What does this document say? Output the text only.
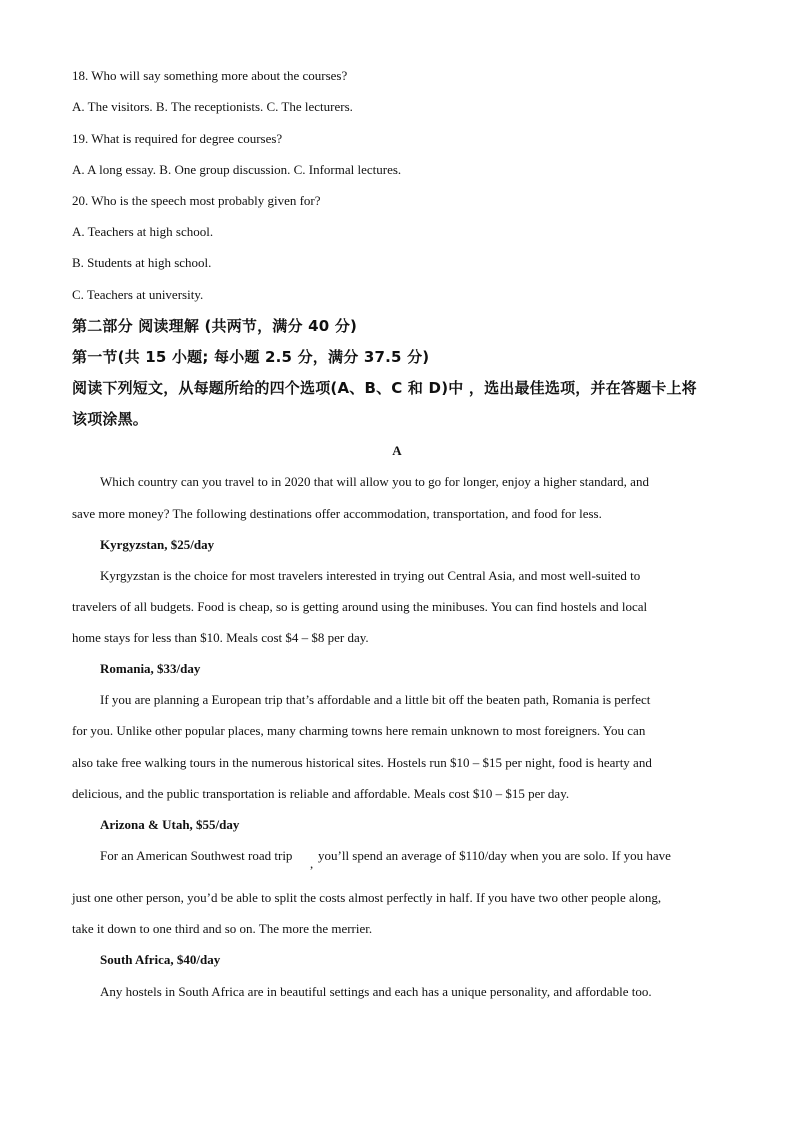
18. Who will say something more about the courses?
A. The visitors. B. The receptionists. C. The lecturers.
19. What is required for degree courses?
A. A long essay. B. One group discussion. C. Informal lectures.
20. Who is the speech most probably given for?
A. Teachers at high school.
B. Students at high school.
C. Teachers at university.
第二部分 阅读理解 (共两节，满分 40 分)
第一节(共 15 小题; 每小题 2.5 分，满分 37.5 分)
阅读下列短文，从每题所给的四个选项(A、B、C 和 D)中 ，选出最佳选项，并在答题卡上将
该项涂黑。
A
Which country can you travel to in 2020 that will allow you to go for longer, enjoy a higher standard, and
save more money? The following destinations offer accommodation, transportation, and food for less.
Kyrgyzstan, $25/day
Kyrgyzstan is the choice for most travelers interested in trying out Central Asia, and most well-suited to
travelers of all budgets. Food is cheap, so is getting around using the minibuses. You can find hostels and local
home stays for less than $10. Meals cost $4 – $8 per day.
Romania, $33/day
If you are planning a European trip that’s affordable and a little bit off the beaten path, Romania is perfect
for you. Unlike other popular places, many charming towns here remain unknown to most foreigners. You can
also take free walking tours in the numerous historical sites. Hostels run $10 – $15 per night, food is hearty and
delicious, and the public transportation is reliable and affordable. Meals cost $10 – $15 per day.
Arizona & Utah, $55/day
For an American Southwest road trip
,
you’ll spend an average of $110/day when you are solo. If you have
just one other person, you’d be able to split the costs almost perfectly in half. If you have two other people along,
take it down to one third and so on. The more the merrier.
South Africa, $40/day
Any hostels in South Africa are in beautiful settings and each has a unique personality, and affordable too.
